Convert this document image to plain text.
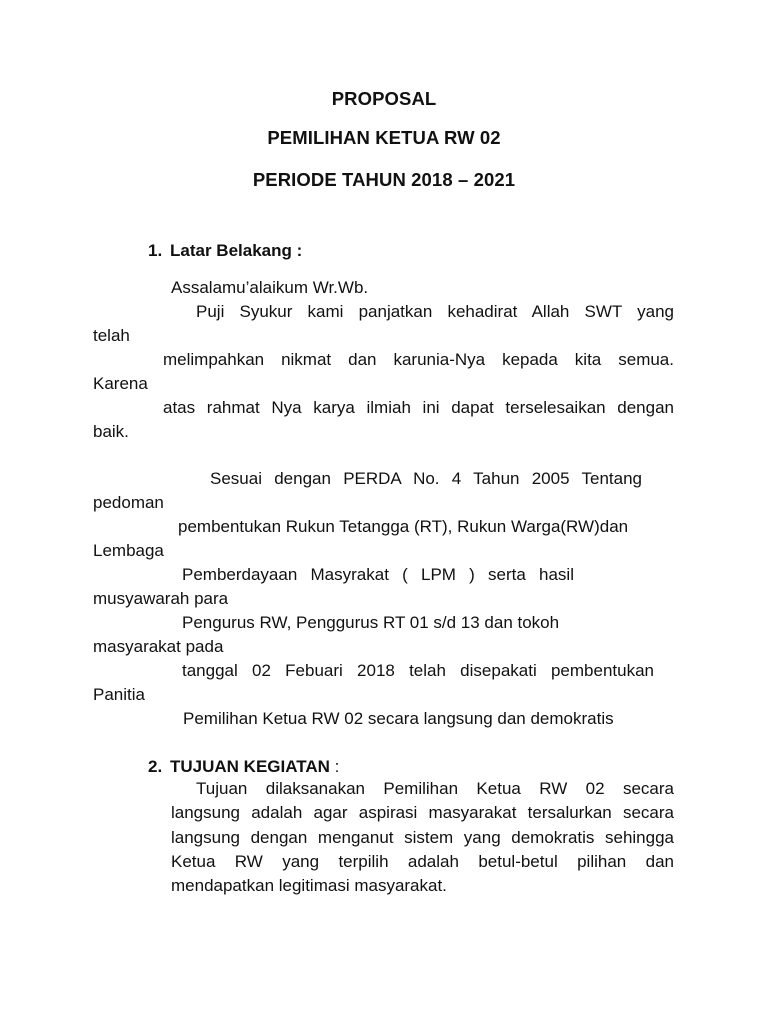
PROPOSAL
PEMILIHAN KETUA RW 02
PERIODE TAHUN 2018 – 2021
1. Latar Belakang :
Assalamu’alaikum Wr.Wb.
Puji Syukur kami panjatkan kehadirat Allah SWT yang
telah
melimpahkan nikmat dan karunia-Nya kepada kita semua.
Karena
atas rahmat Nya karya ilmiah ini dapat terselesaikan dengan
baik.
Sesuai dengan PERDA No. 4 Tahun 2005 Tentang
pedoman
pembentukan Rukun Tetangga (RT), Rukun Warga(RW)dan
Lembaga
Pemberdayaan Masyrakat ( LPM ) serta hasil
musyawarah para
Pengurus RW, Penggurus RT 01 s/d 13 dan tokoh
masyarakat pada
tanggal 02 Febuari 2018 telah disepakati pembentukan
Panitia
Pemilihan Ketua RW 02 secara langsung dan demokratis
2. TUJUAN KEGIATAN :
Tujuan dilaksanakan Pemilihan Ketua RW 02 secara
langsung adalah agar aspirasi masyarakat tersalurkan secara
langsung dengan menganut sistem yang demokratis sehingga
Ketua RW yang terpilih adalah betul-betul pilihan dan
mendapatkan legitimasi masyarakat.
